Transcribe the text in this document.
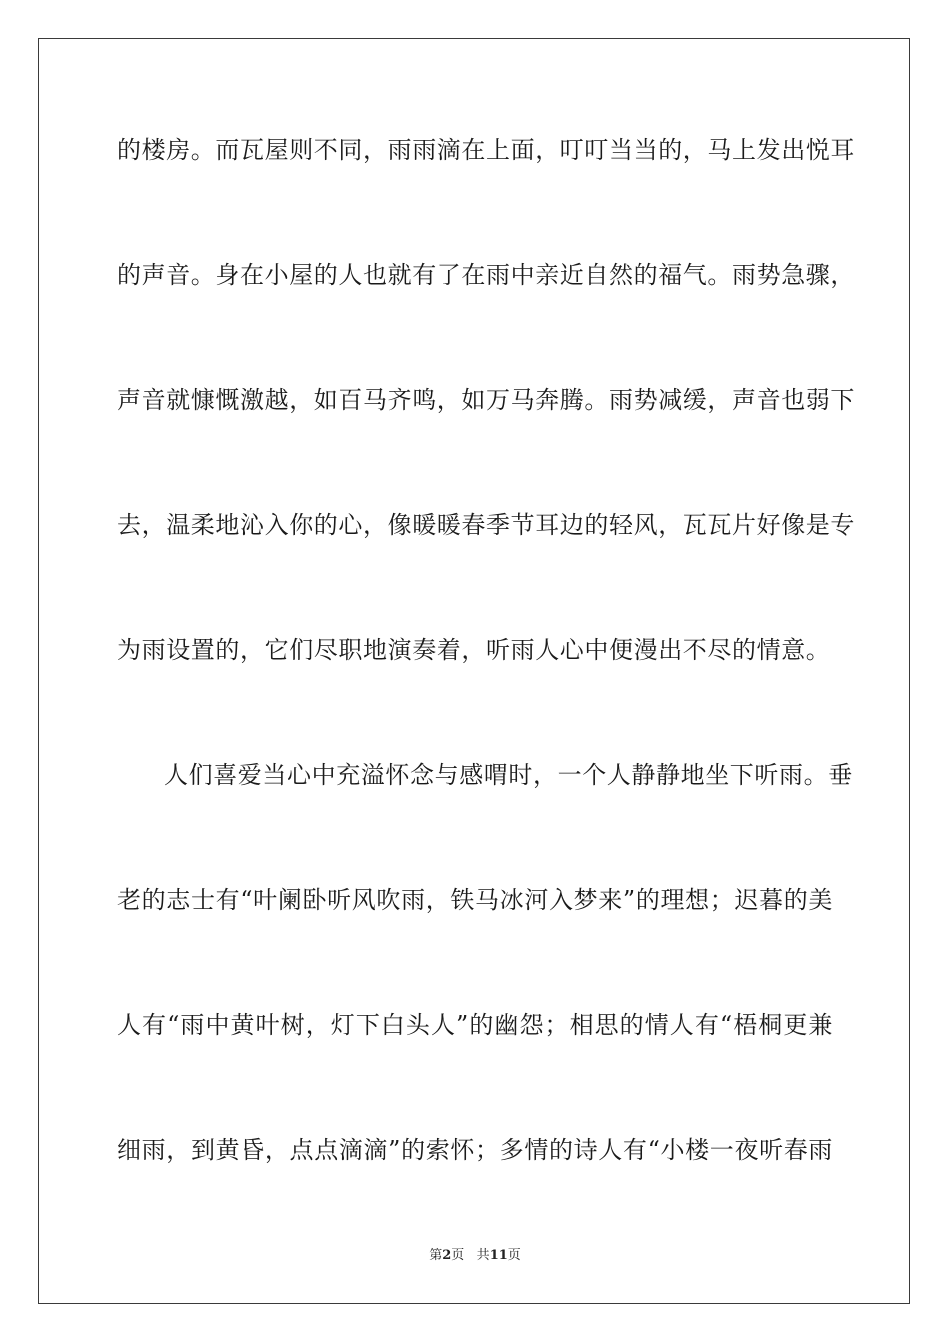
的楼房。而瓦屋则不同，雨雨滴在上面，叮叮当当的，马上发出悦耳
的声音。身在小屋的人也就有了在雨中亲近自然的福气。雨势急骤，
声音就慷慨激越，如百马齐鸣，如万马奔腾。雨势减缓，声音也弱下
去，温柔地沁入你的心，像暖暖春季节耳边的轻风，瓦瓦片好像是专
为雨设置的，它们尽职地演奏着，听雨人心中便漫出不尽的情意。
人们喜爱当心中充溢怀念与感喟时，一个人静静地坐下听雨。垂
老的志士有“叶阑卧听风吹雨，铁马冰河入梦来”的理想；迟暮的美
人有“雨中黄叶树，灯下白头人”的幽怨；相思的情人有“梧桐更兼
细雨，到黄昏，点点滴滴”的索怀；多情的诗人有“小楼一夜听春雨
第2页 共11页
